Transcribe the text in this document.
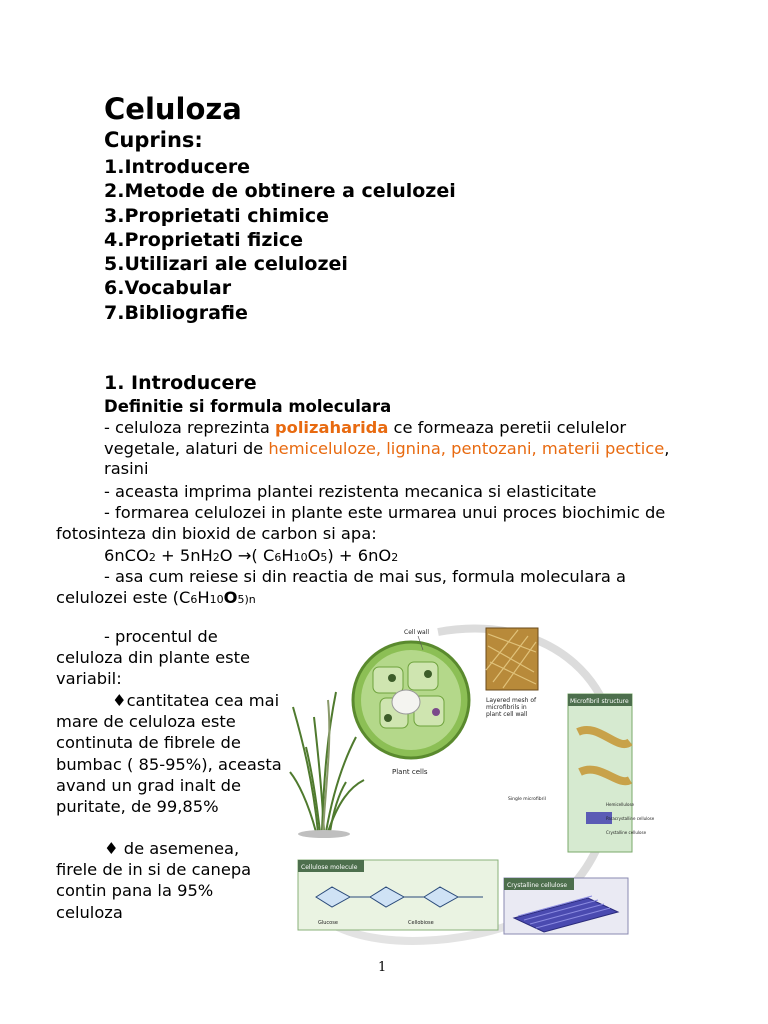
Celuloza
Cuprins:
1.Introducere
2.Metode de obtinere a celulozei
3.Proprietati chimice
4.Proprietati fizice
5.Utilizari ale celulozei
6.Vocabular
7.Bibliografie
1. Introducere
Definitie si formula moleculara
- celuloza reprezinta polizaharida ce formeaza peretii celulelor vegetale, alaturi de hemiceluloze, lignina, pentozani, materii pectice, rasini
- aceasta imprima plantei rezistenta mecanica si elasticitate
- formarea celulozei in plante este urmarea unui proces biochimic de fotosinteza din bioxid de carbon si apa:
6nCO2 + 5nH2O →( C6H10O5) + 6nO2
- asa cum reiese si din reactia de mai sus, formula moleculara a celulozei este (C6H10O5)n
- procentul de celuloza din plante este variabil:
♦cantitatea cea mai mare de celuloza este continuta de fibrele de bumbac ( 85-95%), aceasta avand un grad inalt de puritate, de 99,85%
♦ de asemenea, firele de in si de canepa contin pana la 95% celuloza
Plant cells
Cell wall
Layered mesh of microfibrils in plant cell wall
Microfibril structure
Single microfibril
Hemicellulose
Paracrystalline cellulose
Crystalline cellulose
Cellulose molecule
Glucose	Cellobiose
Crystalline cellulose
1
